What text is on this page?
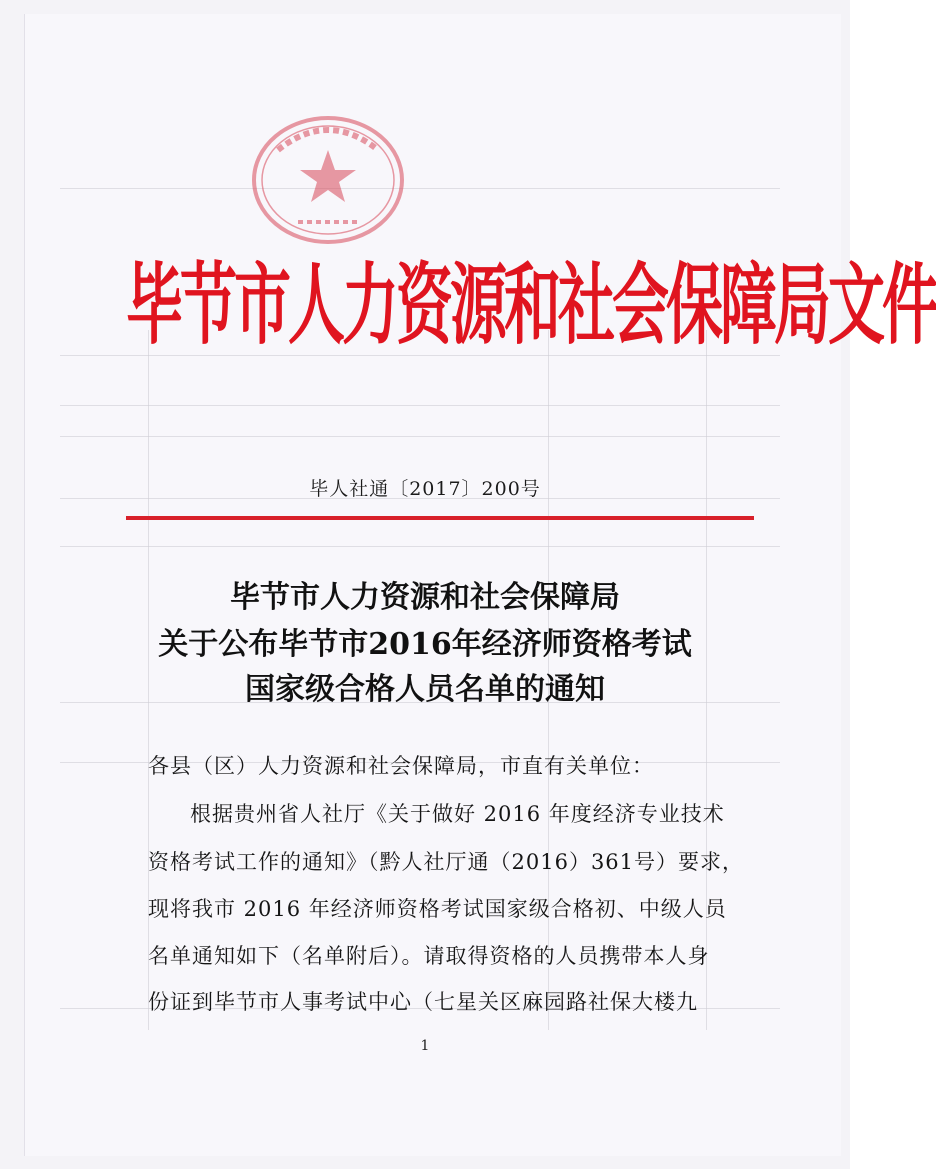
毕节市人力资源和社会保障局文件
毕人社通〔2017〕200号
毕节市人力资源和社会保障局
关于公布毕节市2016年经济师资格考试
国家级合格人员名单的通知
各县（区）人力资源和社会保障局，市直有关单位：
根据贵州省人社厅《关于做好 2016 年度经济专业技术
资格考试工作的通知》（黔人社厅通（2016）361号）要求，
现将我市 2016 年经济师资格考试国家级合格初、中级人员
名单通知如下（名单附后）。请取得资格的人员携带本人身
份证到毕节市人事考试中心（七星关区麻园路社保大楼九
1
